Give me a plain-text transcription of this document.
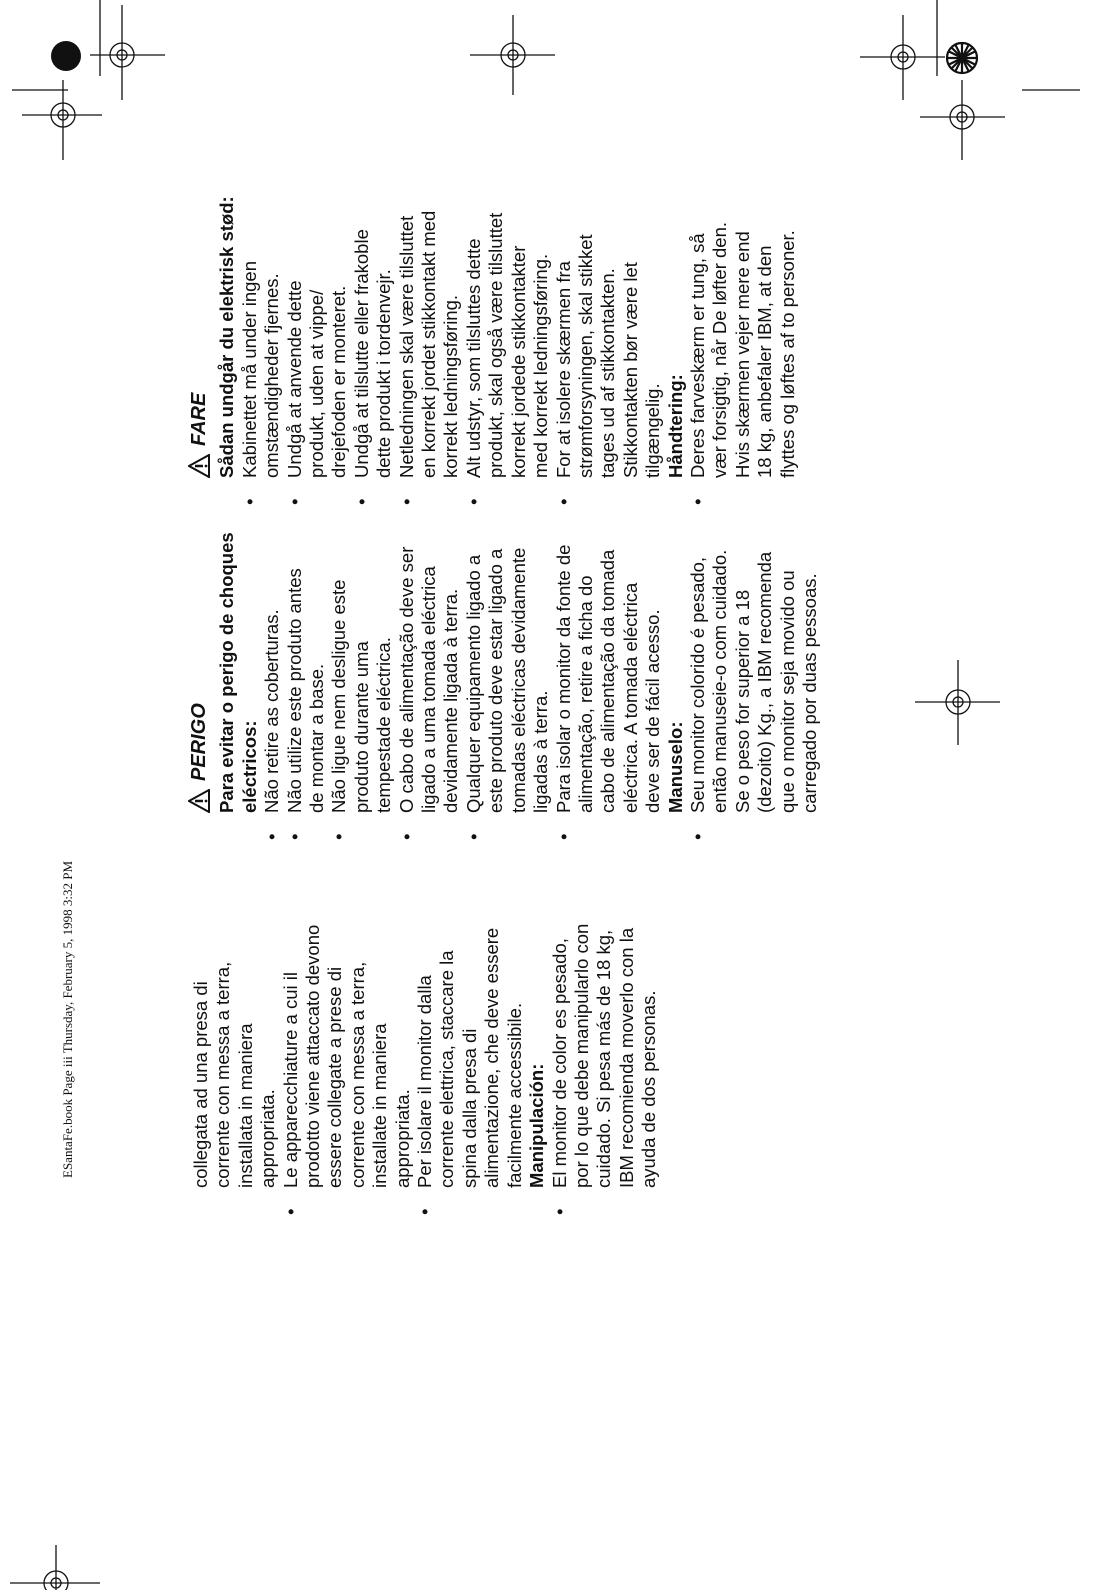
ESantaFe.book Page iii Thursday, February 5, 1998 3:32 PM	collegata ad una presa di corrente con messa a terra, installata in maniera appropriata. • Le apparecchiature a cui il prodotto viene attaccato devono essere collegate a prese di corrente con messa a terra, installate in maniera appropriata. • Per isolare il monitor dalla corrente elettrica, staccare la spina dalla presa di alimentazione, che deve essere facilmente accessibile. Manipulación: • El monitor de color es pesado, por lo que debe manipularlo con cuidado. Si pesa más de 18 kg, IBM recomienda moverlo con la ayuda de dos personas.
PERIGO Para evitar o perigo de choques eléctricos: • Não retire as coberturas. • Não utilize este produto antes de montar a base. • Não ligue nem desligue este produto durante uma tempestade eléctrica. • O cabo de alimentação deve ser ligado a uma tomada eléctrica devidamente ligada à terra. • Qualquer equipamento ligado a este produto deve estar ligado a tomadas eléctricas devidamente ligadas à terra. • Para isolar o monitor da fonte de alimentação, retire a ficha do cabo de alimentação da tomada eléctrica. A tomada eléctrica deve ser de fácil acesso. Manuselo: • Seu monitor colorido é pesado, então manuseie-o com cuidado. Se o peso for superior a 18 (dezoito) Kg., a IBM recomenda que o monitor seja movido ou carregado por duas pessoas.
FARE Sådan undgår du elektrisk stød: • Kabinettet må under ingen omstændigheder fjernes. • Undgå at anvende dette produkt, uden at vippe/ drejefoden er monteret. • Undgå at tilslutte eller frakoble dette produkt i tordenvejr. • Netledningen skal være tilsluttet en korrekt jordet stikkontakt med korrekt ledningsføring. • Alt udstyr, som tilsluttes dette produkt, skal også være tilsluttet korrekt jordede stikkontakter med korrekt ledningsføring. • For at isolere skærmen fra strømforsyningen, skal stikket tages ud af stikkontakten. Stikkontakten bør være let tilgængelig. Håndtering: • Deres farveskærm er tung, så vær forsigtig, når De løfter den. Hvis skærmen vejer mere end 18 kg, anbefaler IBM, at den flyttes og løftes af to personer.
